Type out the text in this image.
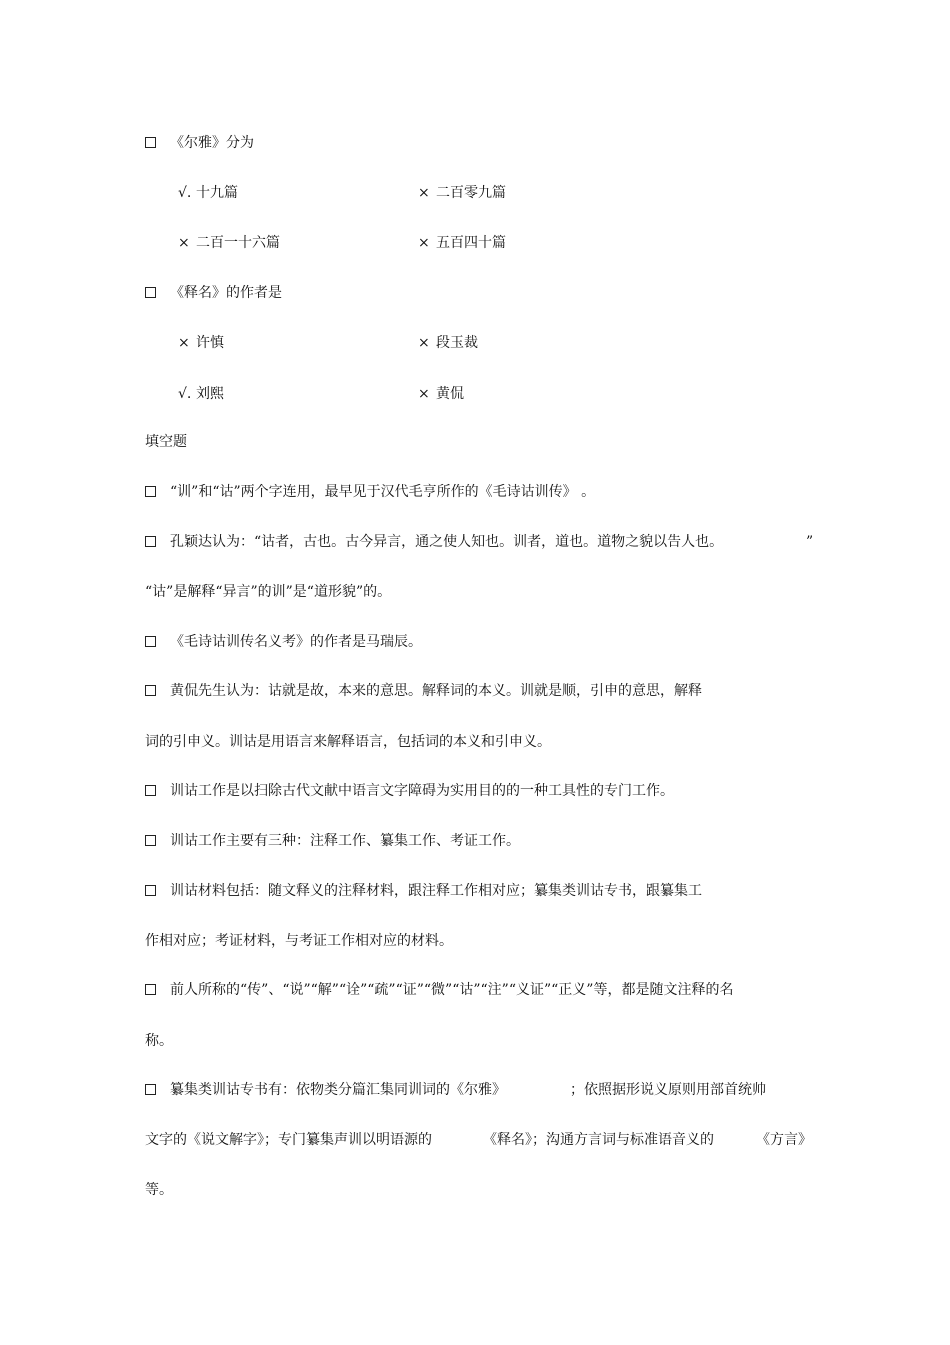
《尔雅》分为
√. 十九篇	× 二百零九篇
× 二百一十六篇	× 五百四十篇
《释名》的作者是
× 许慎	× 段玉裁
√. 刘熙	× 黄侃
填空题
“训”和“诂”两个字连用，最早见于汉代毛亨所作的《毛诗诂训传》 。
孔颖达认为：“诂者，古也。古今异言，通之使人知也。训者，道也。道物之貌以告人也。	”
“诂”是解释“异言”的训”是“道形貌”的。
《毛诗诂训传名义考》的作者是马瑞辰。
黄侃先生认为：诂就是故，本来的意思。解释词的本义。训就是顺，引申的意思，解释
词的引申义。训诂是用语言来解释语言，包括词的本义和引申义。
训诂工作是以扫除古代文献中语言文字障碍为实用目的的一种工具性的专门工作。
训诂工作主要有三种：注释工作、纂集工作、考证工作。
训诂材料包括：随文释义的注释材料，跟注释工作相对应；纂集类训诂专书，跟纂集工
作相对应；考证材料，与考证工作相对应的材料。
前人所称的“传”、“说”“解”“诠”“疏”“证”“微”“诂”“注”“义证”“正义”等，都是随文注释的名
称。
纂集类训诂专书有：依物类分篇汇集同训词的《尔雅》	；依照据形说义原则用部首统帅
文字的《说文解字》；专门纂集声训以明语源的	《释名》；沟通方言词与标准语音义的	《方言》
等。
